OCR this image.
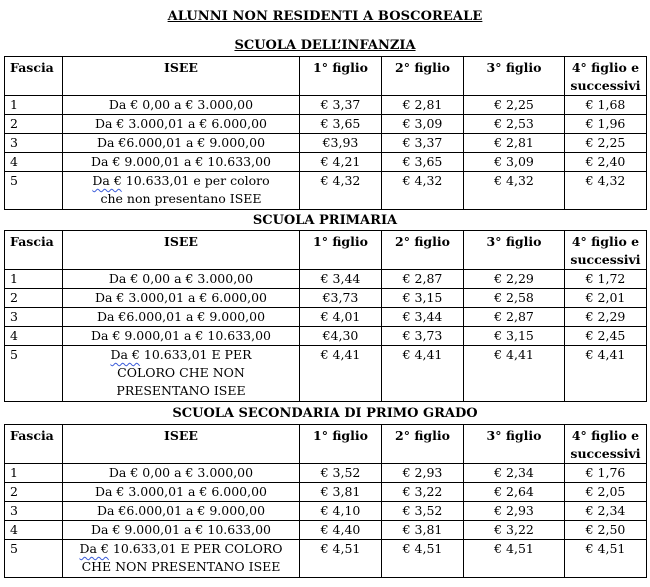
ALUNNI NON RESIDENTI A BOSCOREALE
SCUOLA DELL’INFANZIA
Fascia	ISEE	1° figlio	2° figlio	3° figlio	4° figlio e
successivi
1	Da € 0,00 a € 3.000,00	€ 3,37	€ 2,81	€ 2,25	€ 1,68
2	Da € 3.000,01 a € 6.000,00	€ 3,65	€ 3,09	€ 2,53	€ 1,96
3	Da €6.000,01 a € 9.000,00	€3,93	€ 3,37	€ 2,81	€ 2,25
4	Da € 9.000,01 a € 10.633,00	€ 4,21	€ 3,65	€ 3,09	€ 2,40
5	Da € 10.633,01 e per coloro
che non presentano ISEE	€ 4,32	€ 4,32	€ 4,32	€ 4,32
SCUOLA PRIMARIA
Fascia	ISEE	1° figlio	2° figlio	3° figlio	4° figlio e
successivi
1	Da € 0,00 a € 3.000,00	€ 3,44	€ 2,87	€ 2,29	€ 1,72
2	Da € 3.000,01 a € 6.000,00	€3,73	€ 3,15	€ 2,58	€ 2,01
3	Da €6.000,01 a € 9.000,00	€ 4,01	€ 3,44	€ 2,87	€ 2,29
4	Da € 9.000,01 a € 10.633,00	€4,30	€ 3,73	€ 3,15	€ 2,45
5	Da € 10.633,01 E PER
COLORO CHE NON
PRESENTANO ISEE	€ 4,41	€ 4,41	€ 4,41	€ 4,41
SCUOLA SECONDARIA DI PRIMO GRADO
Fascia	ISEE	1° figlio	2° figlio	3° figlio	4° figlio e
successivi
1	Da € 0,00 a € 3.000,00	€ 3,52	€ 2,93	€ 2,34	€ 1,76
2	Da € 3.000,01 a € 6.000,00	€ 3,81	€ 3,22	€ 2,64	€ 2,05
3	Da €6.000,01 a € 9.000,00	€ 4,10	€ 3,52	€ 2,93	€ 2,34
4	Da € 9.000,01 a € 10.633,00	€ 4,40	€ 3,81	€ 3,22	€ 2,50
5	Da € 10.633,01 E PER COLORO
CHE NON PRESENTANO ISEE	€ 4,51	€ 4,51	€ 4,51	€ 4,51
